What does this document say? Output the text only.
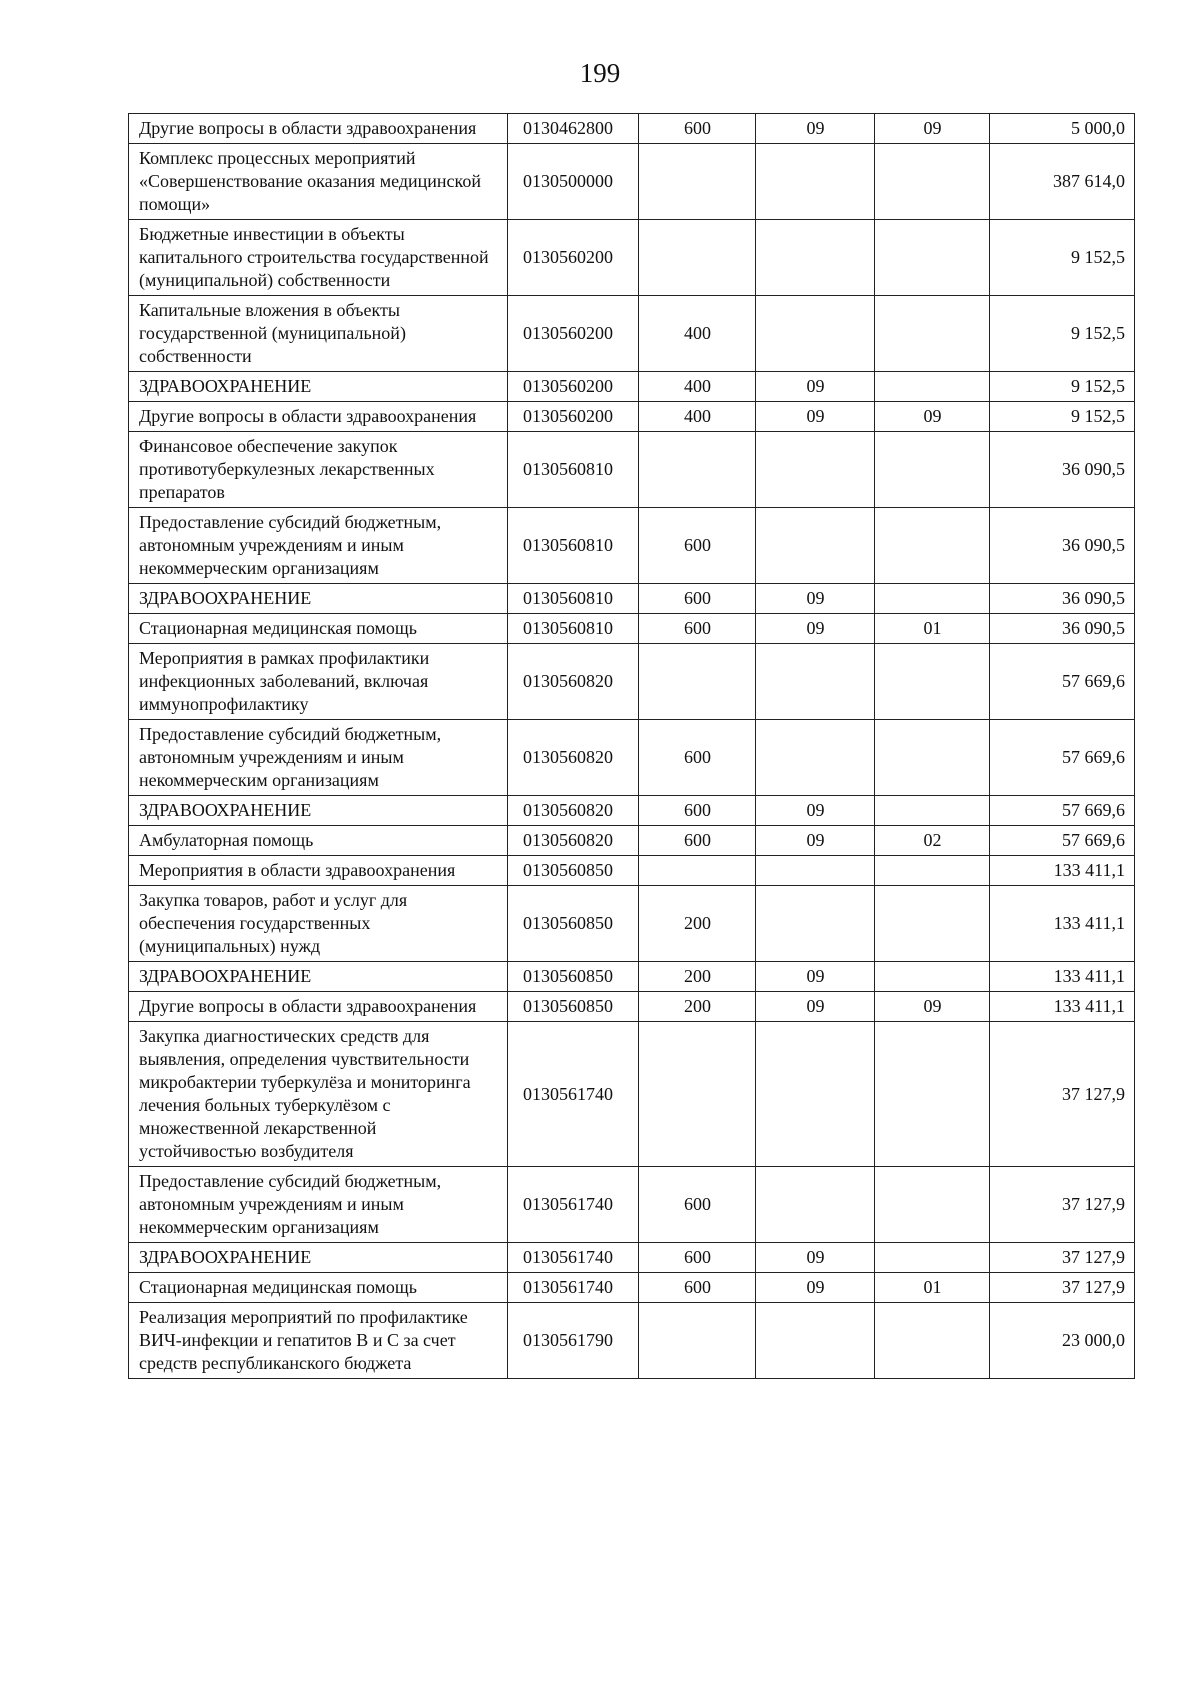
199
Другие вопросы в области здравоохранения	0130462800	600	09	09	5 000,0
Комплекс процессных мероприятий «Совершенствование оказания медицинской помощи»	0130500000				387 614,0
Бюджетные инвестиции в объекты капитального строительства государственной (муниципальной) собственности	0130560200				9 152,5
Капитальные вложения в объекты государственной (муниципальной) собственности	0130560200	400			9 152,5
ЗДРАВООХРАНЕНИЕ	0130560200	400	09		9 152,5
Другие вопросы в области здравоохранения	0130560200	400	09	09	9 152,5
Финансовое обеспечение закупок противотуберкулезных лекарственных препаратов	0130560810				36 090,5
Предоставление субсидий бюджетным, автономным учреждениям и иным некоммерческим организациям	0130560810	600			36 090,5
ЗДРАВООХРАНЕНИЕ	0130560810	600	09		36 090,5
Стационарная медицинская помощь	0130560810	600	09	01	36 090,5
Мероприятия в рамках профилактики инфекционных заболеваний, включая иммунопрофилактику	0130560820				57 669,6
Предоставление субсидий бюджетным, автономным учреждениям и иным некоммерческим организациям	0130560820	600			57 669,6
ЗДРАВООХРАНЕНИЕ	0130560820	600	09		57 669,6
Амбулаторная помощь	0130560820	600	09	02	57 669,6
Мероприятия в области здравоохранения	0130560850				133 411,1
Закупка товаров, работ и услуг для обеспечения государственных (муниципальных) нужд	0130560850	200			133 411,1
ЗДРАВООХРАНЕНИЕ	0130560850	200	09		133 411,1
Другие вопросы в области здравоохранения	0130560850	200	09	09	133 411,1
Закупка диагностических средств для выявления, определения чувствительности микробактерии туберкулёза и мониторинга лечения больных туберкулёзом с множественной лекарственной устойчивостью возбудителя	0130561740				37 127,9
Предоставление субсидий бюджетным, автономным учреждениям и иным некоммерческим организациям	0130561740	600			37 127,9
ЗДРАВООХРАНЕНИЕ	0130561740	600	09		37 127,9
Стационарная медицинская помощь	0130561740	600	09	01	37 127,9
Реализация мероприятий по профилактике ВИЧ-инфекции и гепатитов В и С за счет средств республиканского бюджета	0130561790				23 000,0
